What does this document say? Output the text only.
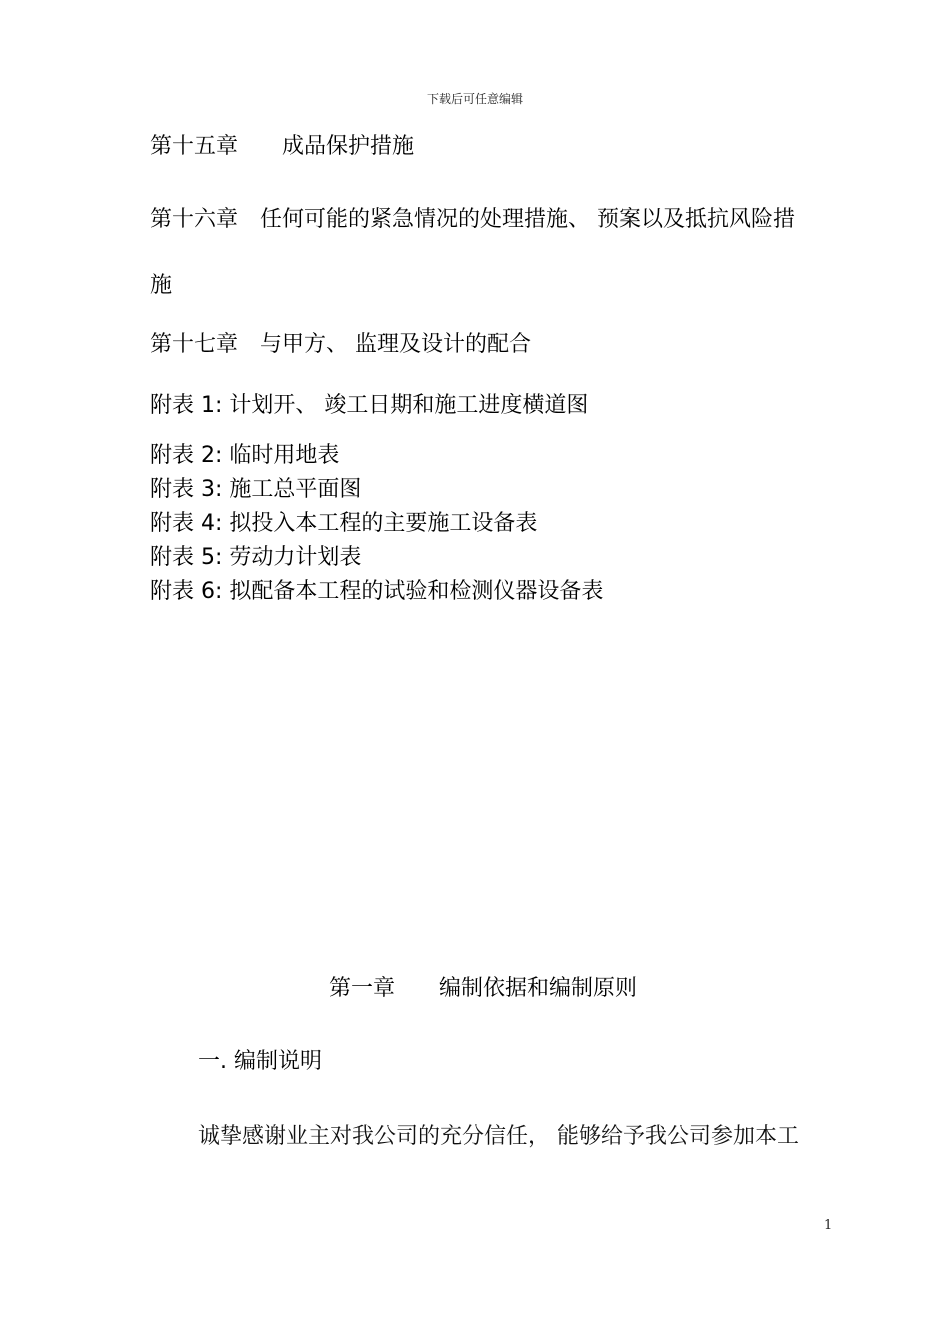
下载后可任意编辑
第十五章 成品保护措施
第十六章 任何可能的紧急情况的处理措施、 预案以及抵抗风险措
施
第十七章 与甲方、 监理及设计的配合
附表 1: 计划开、 竣工日期和施工进度横道图
附表 2: 临时用地表
附表 3: 施工总平面图
附表 4: 拟投入本工程的主要施工设备表
附表 5: 劳动力计划表
附表 6: 拟配备本工程的试验和检测仪器设备表
第一章 编制依据和编制原则
一. 编制说明
诚挚感谢业主对我公司的充分信任， 能够给予我公司参加本工
1
